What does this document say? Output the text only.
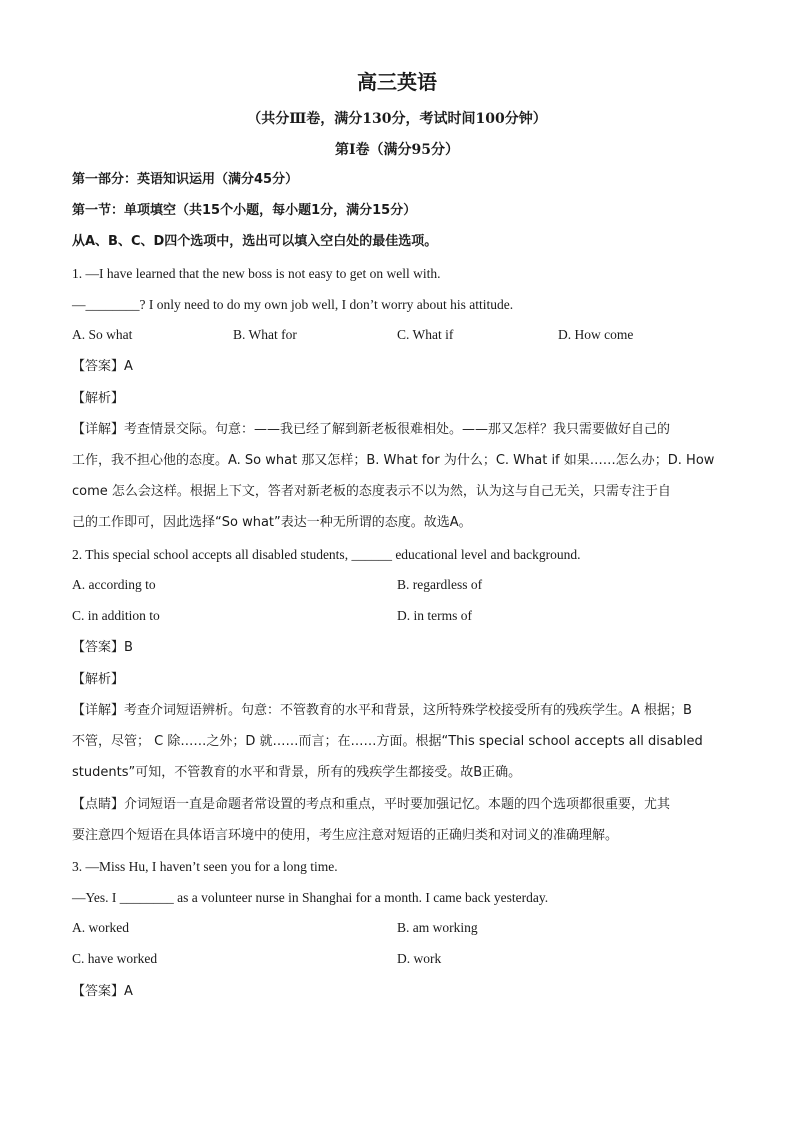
高三英语
（共分Ⅲ卷，满分130分，考试时间100分钟）
第Ⅰ卷（满分95分）
第一部分：英语知识运用（满分45分）
第一节：单项填空（共15个小题，每小题1分，满分15分）
从A、B、C、D四个选项中，选出可以填入空白处的最佳选项。
1. —I have learned that the new boss is not easy to get on well with.
—________? I only need to do my own job well, I don’t worry about his attitude.
A. So what	B. What for	C. What if	D. How come
【答案】A
【解析】
【详解】考查情景交际。句意：——我已经了解到新老板很难相处。——那又怎样？我只需要做好自己的
工作，我不担心他的态度。A. So what 那又怎样；B. What for 为什么；C. What if 如果……怎么办；D. How
come 怎么会这样。根据上下文，答者对新老板的态度表示不以为然，认为这与自己无关，只需专注于自
己的工作即可，因此选择“So what”表达一种无所谓的态度。故选A。
2. This special school accepts all disabled students, ______ educational level and background.
A. according to	B. regardless of
C. in addition to	D. in terms of
【答案】B
【解析】
【详解】考查介词短语辨析。句意：不管教育的水平和背景，这所特殊学校接受所有的残疾学生。A 根据；B
不管，尽管； C 除……之外；D 就……而言；在……方面。根据“This special school accepts all disabled
students”可知，不管教育的水平和背景，所有的残疾学生都接受。故B正确。
【点睛】介词短语一直是命题者常设置的考点和重点，平时要加强记忆。本题的四个选项都很重要，尤其
要注意四个短语在具体语言环境中的使用，考生应注意对短语的正确归类和对词义的准确理解。
3. —Miss Hu, I haven’t seen you for a long time.
—Yes. I ________ as a volunteer nurse in Shanghai for a month. I came back yesterday.
A. worked	B. am working
C. have worked	D. work
【答案】A
